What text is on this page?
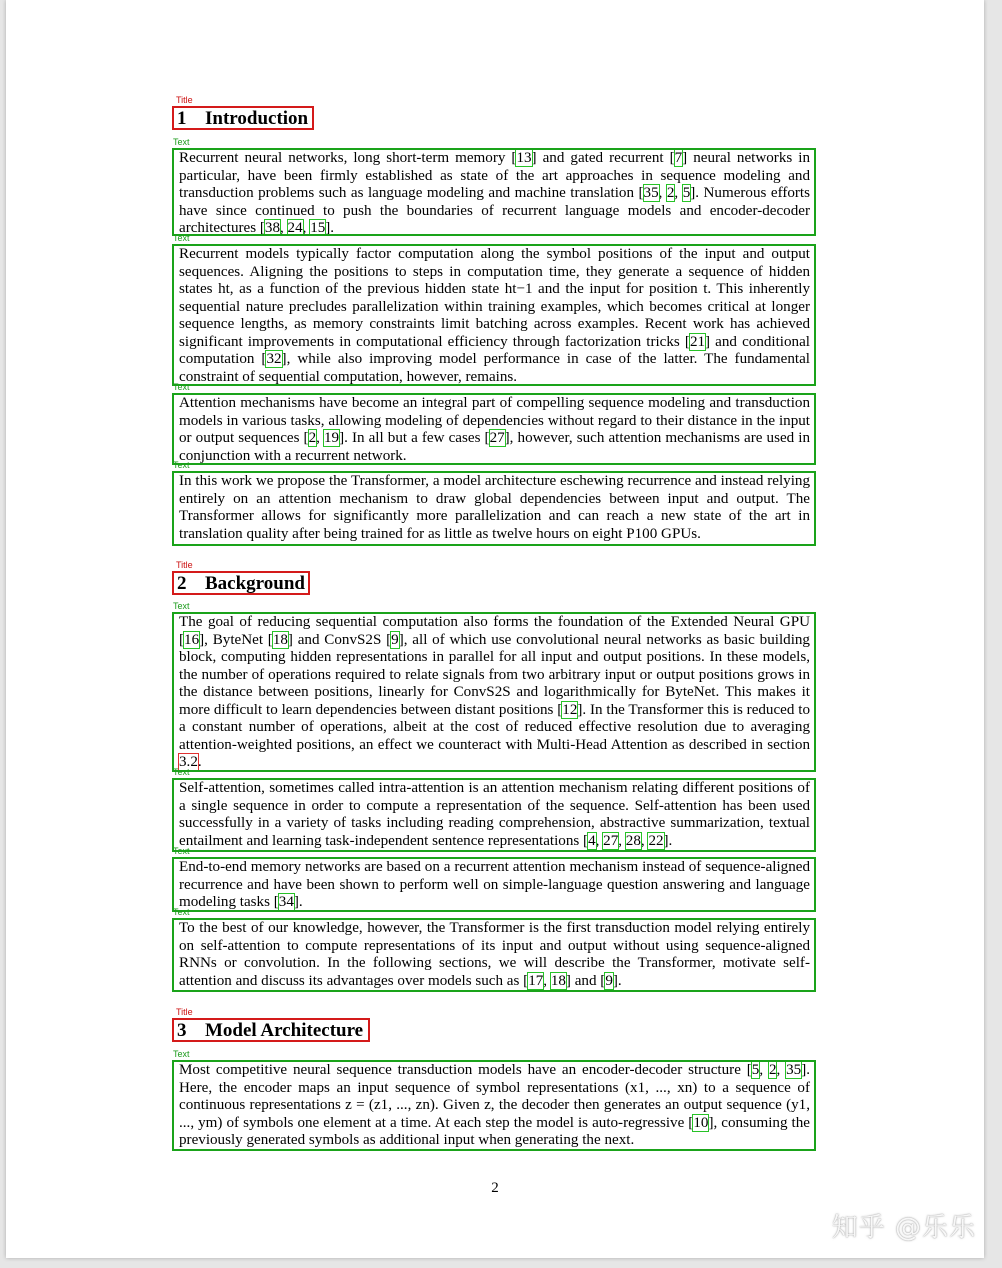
Title
1 Introduction
Text

Recurrent neural networks, long short-term memory [13] and gated recurrent [7] neural networks in particular, have been firmly established as state of the art approaches in sequence modeling and transduction problems such as language modeling and machine translation [35, 2, 5]. Numerous efforts have since continued to push the boundaries of recurrent language models and encoder-decoder architectures [38, 24, 15].

Text

Recurrent models typically factor computation along the symbol positions of the input and output sequences. Aligning the positions to steps in computation time, they generate a sequence of hidden states ht, as a function of the previous hidden state ht−1 and the input for position t. This inherently sequential nature precludes parallelization within training examples, which becomes critical at longer sequence lengths, as memory constraints limit batching across examples. Recent work has achieved significant improvements in computational efficiency through factorization tricks [21] and conditional computation [32], while also improving model performance in case of the latter. The fundamental constraint of sequential computation, however, remains.

Text

Attention mechanisms have become an integral part of compelling sequence modeling and transduction models in various tasks, allowing modeling of dependencies without regard to their distance in the input or output sequences [2, 19]. In all but a few cases [27], however, such attention mechanisms are used in conjunction with a recurrent network.

Text

In this work we propose the Transformer, a model architecture eschewing recurrence and instead relying entirely on an attention mechanism to draw global dependencies between input and output. The Transformer allows for significantly more parallelization and can reach a new state of the art in translation quality after being trained for as little as twelve hours on eight P100 GPUs.

Title
2 Background
Text

The goal of reducing sequential computation also forms the foundation of the Extended Neural GPU [16], ByteNet [18] and ConvS2S [9], all of which use convolutional neural networks as basic building block, computing hidden representations in parallel for all input and output positions. In these models, the number of operations required to relate signals from two arbitrary input or output positions grows in the distance between positions, linearly for ConvS2S and logarithmically for ByteNet. This makes it more difficult to learn dependencies between distant positions [12]. In the Transformer this is reduced to a constant number of operations, albeit at the cost of reduced effective resolution due to averaging attention-weighted positions, an effect we counteract with Multi-Head Attention as described in section 3.2.

Text

Self-attention, sometimes called intra-attention is an attention mechanism relating different positions of a single sequence in order to compute a representation of the sequence. Self-attention has been used successfully in a variety of tasks including reading comprehension, abstractive summarization, textual entailment and learning task-independent sentence representations [4, 27, 28, 22].

Text

End-to-end memory networks are based on a recurrent attention mechanism instead of sequence-aligned recurrence and have been shown to perform well on simple-language question answering and language modeling tasks [34].

Text

To the best of our knowledge, however, the Transformer is the first transduction model relying entirely on self-attention to compute representations of its input and output without using sequence-aligned RNNs or convolution. In the following sections, we will describe the Transformer, motivate self-attention and discuss its advantages over models such as [17, 18] and [9].

Title
3 Model Architecture
Text

Most competitive neural sequence transduction models have an encoder-decoder structure [5, 2, 35]. Here, the encoder maps an input sequence of symbol representations (x1, ..., xn) to a sequence of continuous representations z = (z1, ..., zn). Given z, the decoder then generates an output sequence (y1, ..., ym) of symbols one element at a time. At each step the model is auto-regressive [10], consuming the previously generated symbols as additional input when generating the next.

2
知乎 @乐乐
